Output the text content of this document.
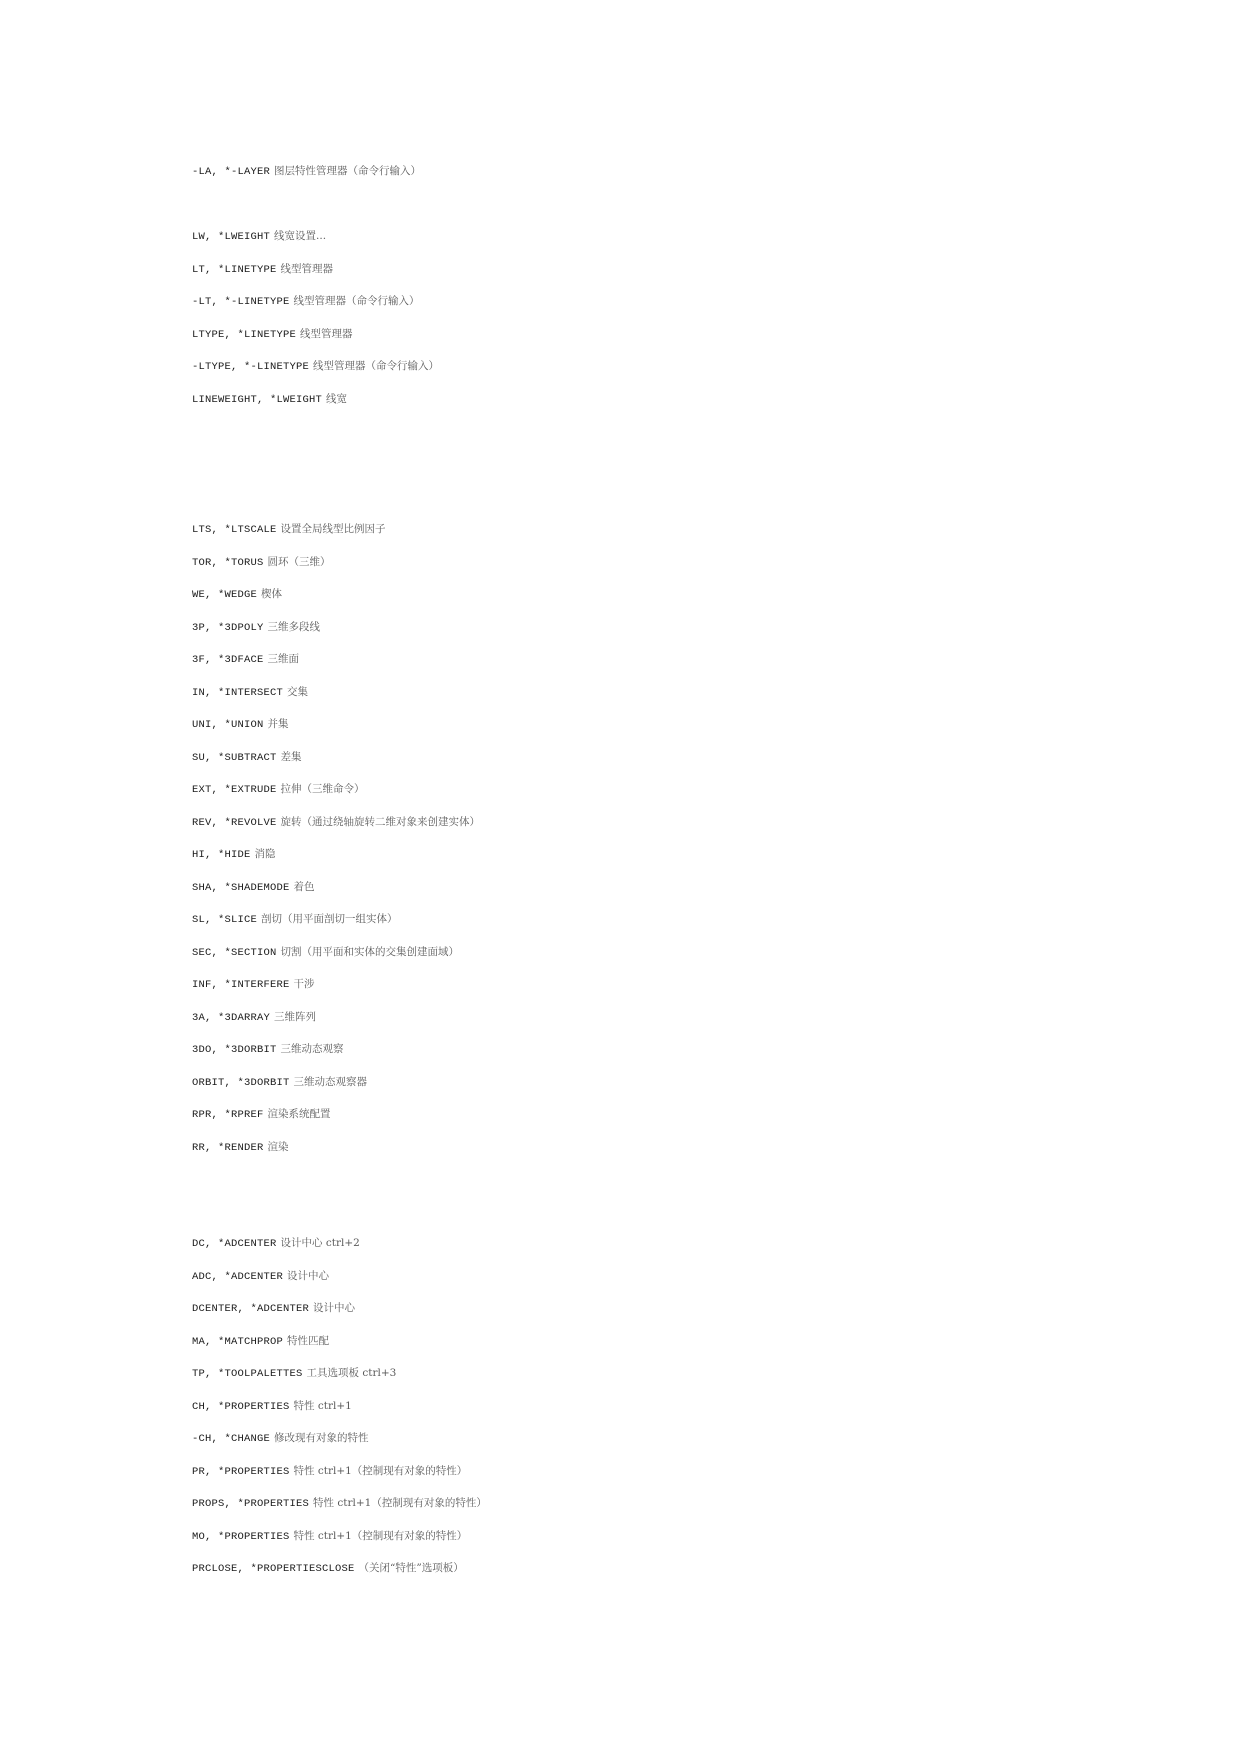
-LA, *-LAYER 图层特性管理器（命令行输入）

LW, *LWEIGHT 线宽设置...

LT, *LINETYPE 线型管理器

-LT, *-LINETYPE 线型管理器（命令行输入）

LTYPE, *LINETYPE 线型管理器

-LTYPE, *-LINETYPE 线型管理器（命令行输入）

LINEWEIGHT, *LWEIGHT 线宽

LTS, *LTSCALE 设置全局线型比例因子

TOR, *TORUS 圆环（三维）

WE, *WEDGE 楔体

3P, *3DPOLY 三维多段线

3F, *3DFACE 三维面

IN, *INTERSECT 交集

UNI, *UNION 并集

SU, *SUBTRACT 差集

EXT, *EXTRUDE 拉伸（三维命令）

REV, *REVOLVE 旋转（通过绕轴旋转二维对象来创建实体）

HI, *HIDE 消隐

SHA, *SHADEMODE 着色

SL, *SLICE 剖切（用平面剖切一组实体）

SEC, *SECTION 切割（用平面和实体的交集创建面域）

INF, *INTERFERE 干涉

3A, *3DARRAY 三维阵列

3DO, *3DORBIT 三维动态观察

ORBIT, *3DORBIT 三维动态观察器

RPR, *RPREF 渲染系统配置

RR, *RENDER 渲染

DC, *ADCENTER 设计中心 ctrl+2

ADC, *ADCENTER 设计中心

DCENTER, *ADCENTER 设计中心

MA, *MATCHPROP 特性匹配

TP, *TOOLPALETTES 工具选项板 ctrl+3

CH, *PROPERTIES 特性 ctrl+1

-CH, *CHANGE 修改现有对象的特性

PR, *PROPERTIES 特性 ctrl+1（控制现有对象的特性）

PROPS, *PROPERTIES 特性 ctrl+1（控制现有对象的特性）

MO, *PROPERTIES 特性 ctrl+1（控制现有对象的特性）

PRCLOSE, *PROPERTIESCLOSE （关闭“特性”选项板）
